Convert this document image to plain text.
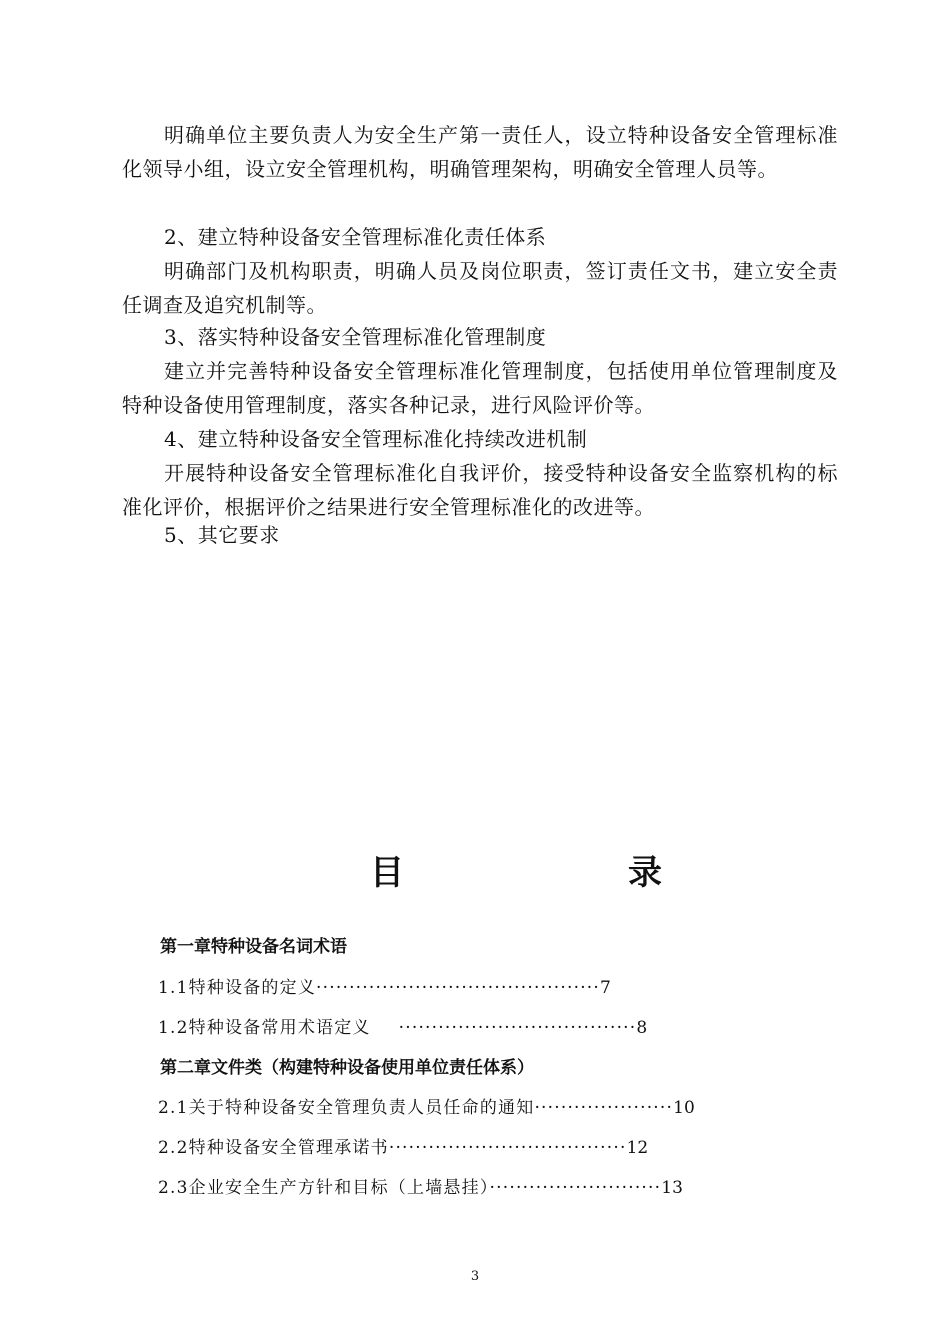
明确单位主要负责人为安全生产第一责任人，设立特种设备安全管理标准化领导小组，设立安全管理机构，明确管理架构，明确安全管理人员等。

2、建立特种设备安全管理标准化责任体系

明确部门及机构职责，明确人员及岗位职责，签订责任文书，建立安全责任调查及追究机制等。

3、落实特种设备安全管理标准化管理制度

建立并完善特种设备安全管理标准化管理制度，包括使用单位管理制度及特种设备使用管理制度，落实各种记录，进行风险评价等。

4、建立特种设备安全管理标准化持续改进机制

开展特种设备安全管理标准化自我评价，接受特种设备安全监察机构的标准化评价，根据评价之结果进行安全管理标准化的改进等。

5、其它要求

目	录
第一章特种设备名词术语
1.1特种设备的定义···········································7
1.2特种设备常用术语定义 ····································8
第二章文件类（构建特种设备使用单位责任体系）
2.1关于特种设备安全管理负责人员任命的通知·····················10
2.2特种设备安全管理承诺书····································12
2.3企业安全生产方针和目标（上墙悬挂）··························13
3
